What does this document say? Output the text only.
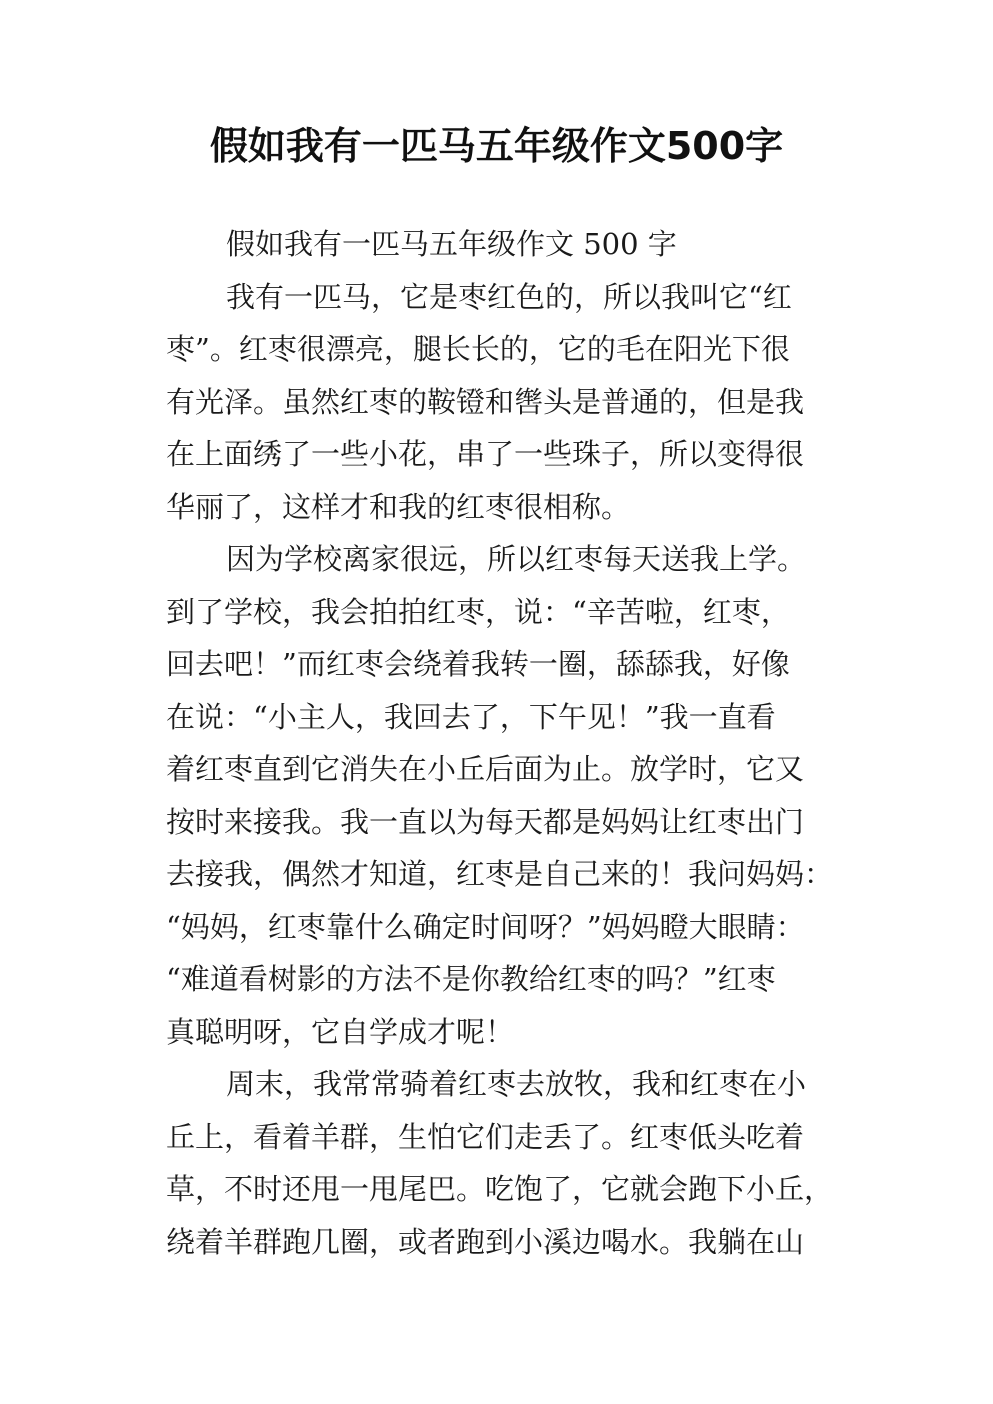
假如我有一匹马五年级作文500字
假如我有一匹马五年级作文 500 字
我有一匹马，它是枣红色的，所以我叫它“红
枣”。红枣很漂亮，腿长长的，它的毛在阳光下很
有光泽。虽然红枣的鞍镫和辔头是普通的，但是我
在上面绣了一些小花，串了一些珠子，所以变得很
华丽了，这样才和我的红枣很相称。
因为学校离家很远，所以红枣每天送我上学。
到了学校，我会拍拍红枣，说：“辛苦啦，红枣，
回去吧！”而红枣会绕着我转一圈，舔舔我，好像
在说：“小主人，我回去了，下午见！”我一直看
着红枣直到它消失在小丘后面为止。放学时，它又
按时来接我。我一直以为每天都是妈妈让红枣出门
去接我，偶然才知道，红枣是自己来的！我问妈妈：
“妈妈，红枣靠什么确定时间呀？”妈妈瞪大眼睛：
“难道看树影的方法不是你教给红枣的吗？”红枣
真聪明呀，它自学成才呢！
周末，我常常骑着红枣去放牧，我和红枣在小
丘上，看着羊群，生怕它们走丢了。红枣低头吃着
草，不时还甩一甩尾巴。吃饱了，它就会跑下小丘，
绕着羊群跑几圈，或者跑到小溪边喝水。我躺在山
